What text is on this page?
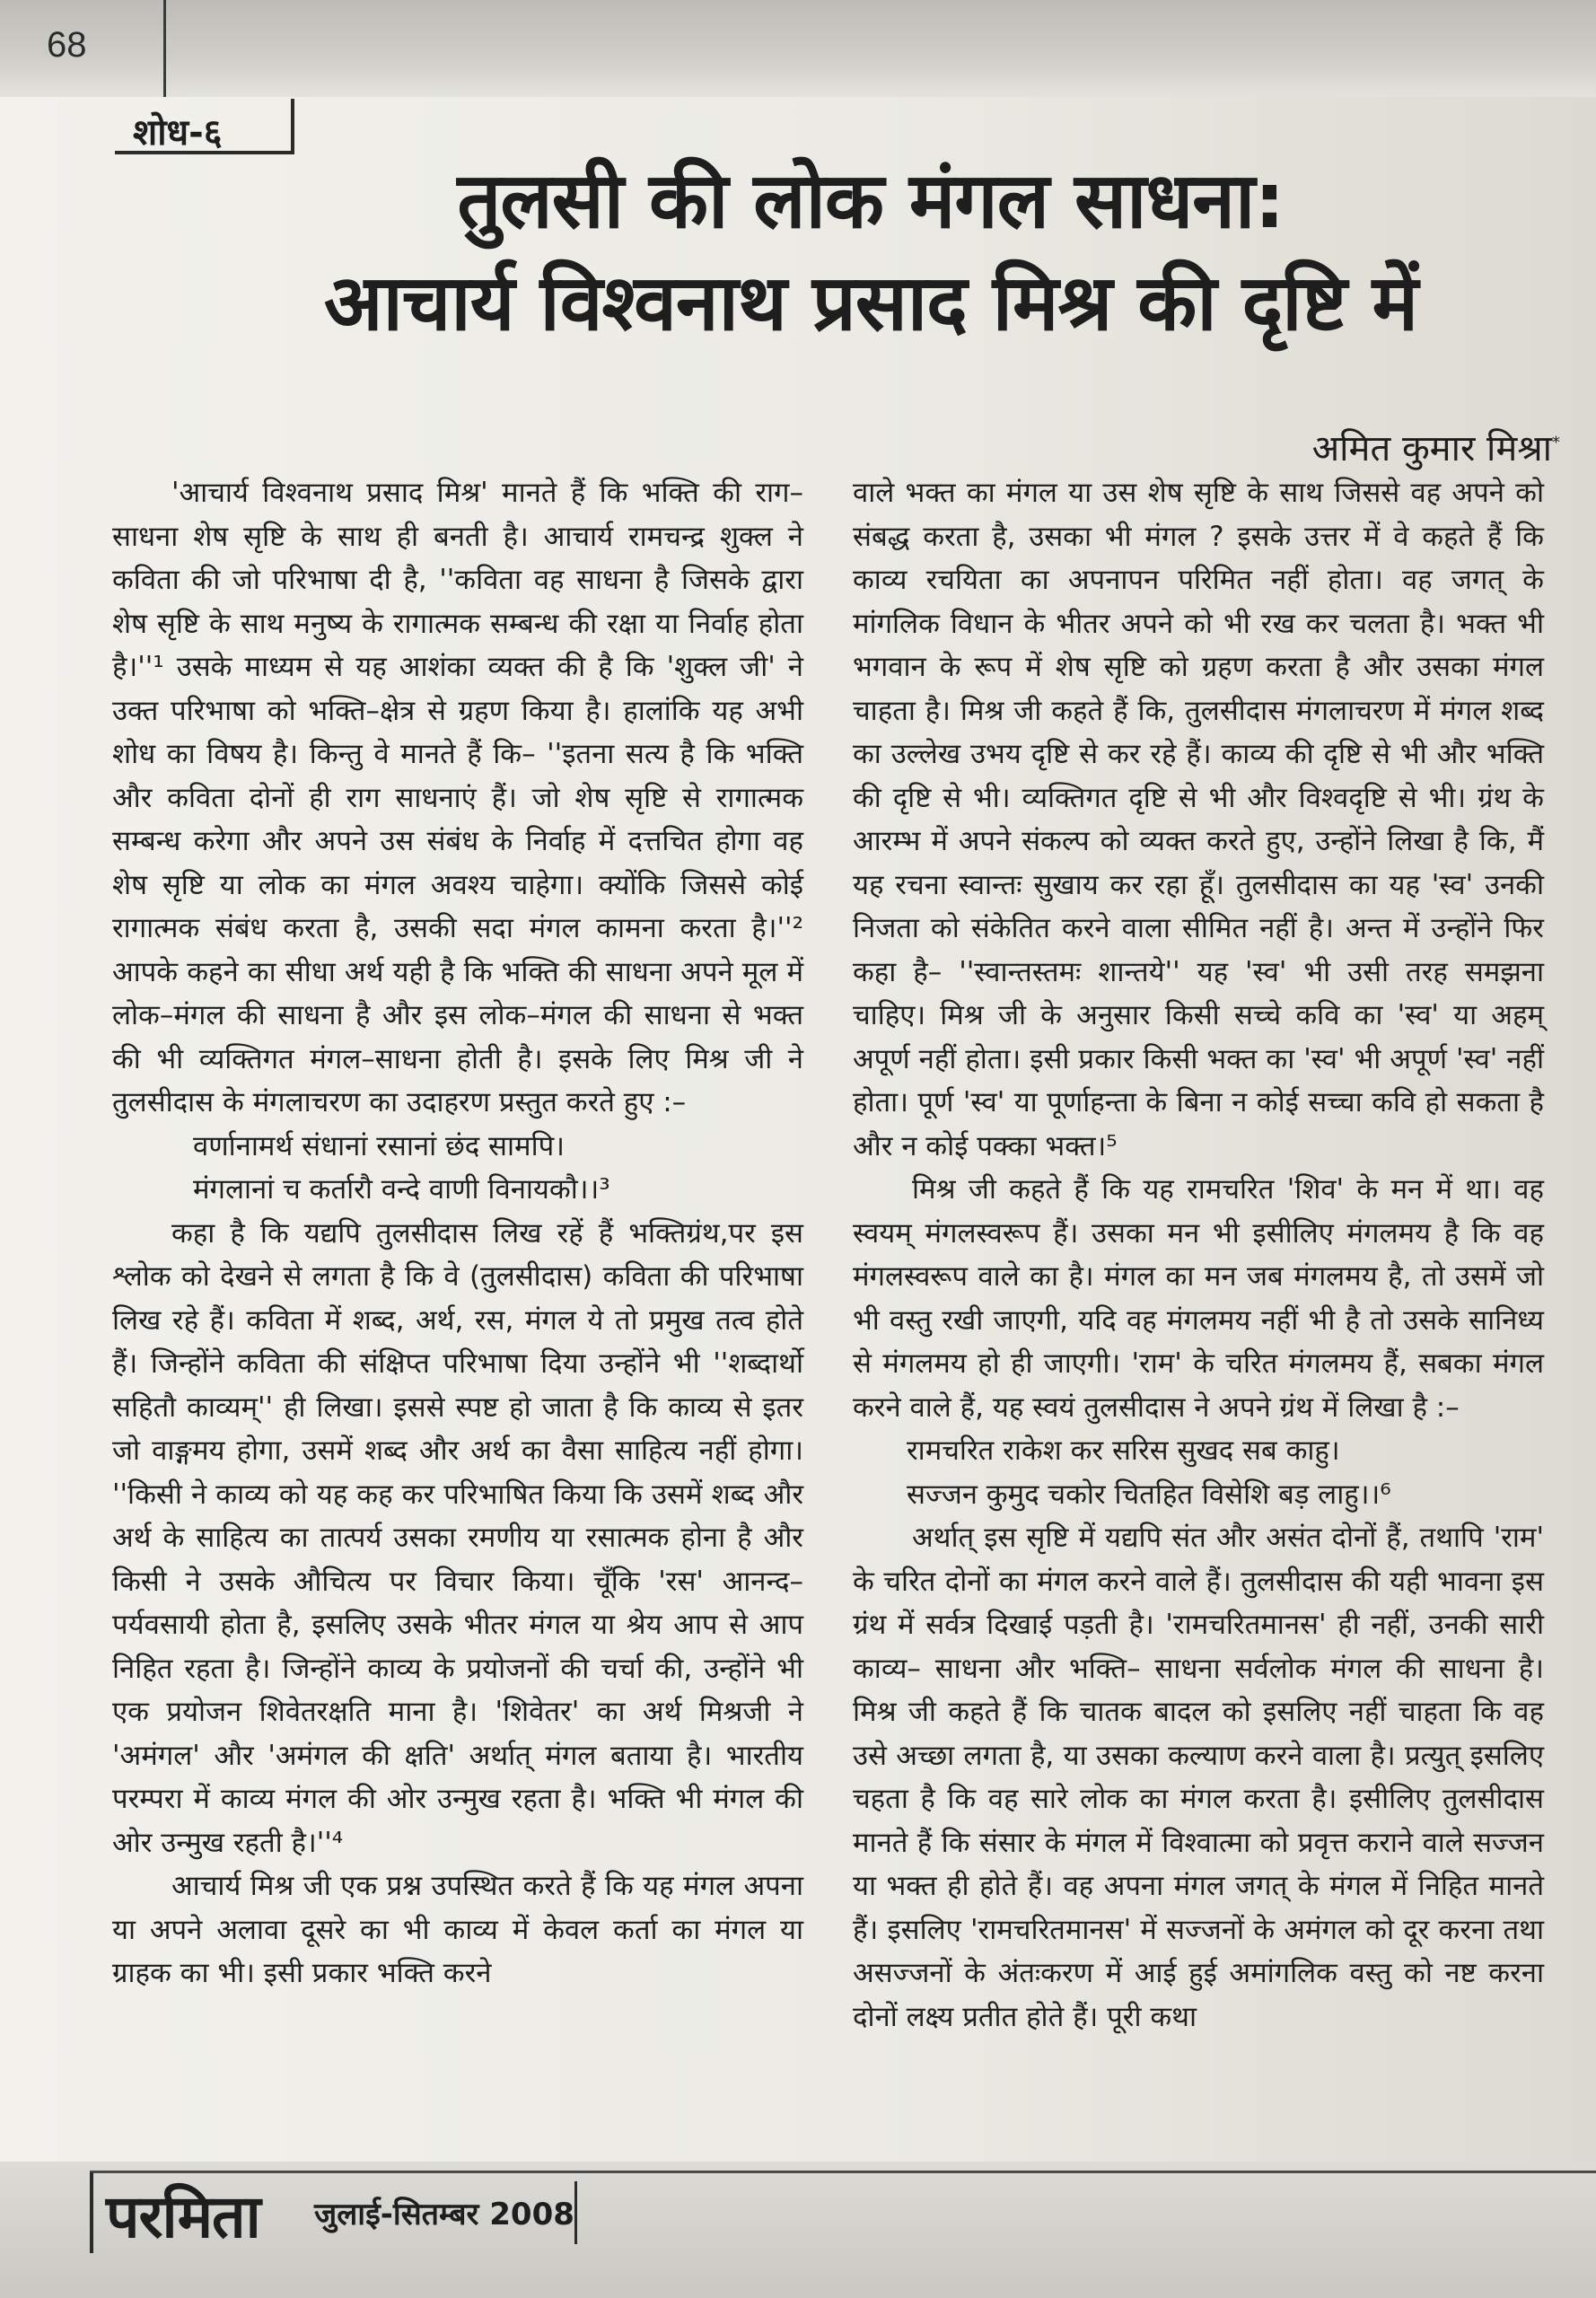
68
शोध-६
तुलसी की लोक मंगल साधना:
आचार्य विश्वनाथ प्रसाद मिश्र की दृष्टि में
अमित कुमार मिश्रा*

'आचार्य विश्वनाथ प्रसाद मिश्र' मानते हैं कि भक्ति की राग–साधना शेष सृष्टि के साथ ही बनती है। आचार्य रामचन्द्र शुक्ल ने कविता की जो परिभाषा दी है, ''कविता वह साधना है जिसके द्वारा शेष सृष्टि के साथ मनुष्य के रागात्मक सम्बन्ध की रक्षा या निर्वाह होता है।''¹ उसके माध्यम से यह आशंका व्यक्त की है कि 'शुक्ल जी' ने उक्त परिभाषा को भक्ति–क्षेत्र से ग्रहण किया है। हालांकि यह अभी शोध का विषय है। किन्तु वे मानते हैं कि– ''इतना सत्य है कि भक्ति और कविता दोनों ही राग साधनाएं हैं। जो शेष सृष्टि से रागात्मक सम्बन्ध करेगा और अपने उस संबंध के निर्वाह में दत्तचित होगा वह शेष सृष्टि या लोक का मंगल अवश्य चाहेगा। क्योंकि जिससे कोई रागात्मक संबंध करता है, उसकी सदा मंगल कामना करता है।''² आपके कहने का सीधा अर्थ यही है कि भक्ति की साधना अपने मूल में लोक–मंगल की साधना है और इस लोक–मंगल की साधना से भक्त की भी व्यक्तिगत मंगल–साधना होती है। इसके लिए मिश्र जी ने तुलसीदास के मंगलाचरण का उदाहरण प्रस्तुत करते हुए :–

वर्णानामर्थ संधानां रसानां छंद सामपि।

मंगलानां च कर्तारौ वन्दे वाणी विनायकौ।।³

कहा है कि यद्यपि तुलसीदास लिख रहें हैं भक्तिग्रंथ,पर इस श्लोक को देखने से लगता है कि वे (तुलसीदास) कविता की परिभाषा लिख रहे हैं। कविता में शब्द, अर्थ, रस, मंगल ये तो प्रमुख तत्व होते हैं। जिन्होंने कविता की संक्षिप्त परिभाषा दिया उन्होंने भी ''शब्दार्थो सहितौ काव्यम्'' ही लिखा। इससे स्पष्ट हो जाता है कि काव्य से इतर जो वाङ्गमय होगा, उसमें शब्द और अर्थ का वैसा साहित्य नहीं होगा। ''किसी ने काव्य को यह कह कर परिभाषित किया कि उसमें शब्द और अर्थ के साहित्य का तात्पर्य उसका रमणीय या रसात्मक होना है और किसी ने उसके औचित्य पर विचार किया। चूँकि 'रस' आनन्द–पर्यवसायी होता है, इसलिए उसके भीतर मंगल या श्रेय आप से आप निहित रहता है। जिन्होंने काव्य के प्रयोजनों की चर्चा की, उन्होंने भी एक प्रयोजन शिवेतरक्षति माना है। 'शिवेतर' का अर्थ मिश्रजी ने 'अमंगल' और 'अमंगल की क्षति' अर्थात् मंगल बताया है। भारतीय परम्परा में काव्य मंगल की ओर उन्मुख रहता है। भक्ति भी मंगल की ओर उन्मुख रहती है।''⁴

आचार्य मिश्र जी एक प्रश्न उपस्थित करते हैं कि यह मंगल अपना या अपने अलावा दूसरे का भी काव्य में केवल कर्ता का मंगल या ग्राहक का भी। इसी प्रकार भक्ति करने

वाले भक्त का मंगल या उस शेष सृष्टि के साथ जिससे वह अपने को संबद्ध करता है, उसका भी मंगल ? इसके उत्तर में वे कहते हैं कि काव्य रचयिता का अपनापन परिमित नहीं होता। वह जगत् के मांगलिक विधान के भीतर अपने को भी रख कर चलता है। भक्त भी भगवान के रूप में शेष सृष्टि को ग्रहण करता है और उसका मंगल चाहता है। मिश्र जी कहते हैं कि, तुलसीदास मंगलाचरण में मंगल शब्द का उल्लेख उभय दृष्टि से कर रहे हैं। काव्य की दृष्टि से भी और भक्ति की दृष्टि से भी। व्यक्तिगत दृष्टि से भी और विश्वदृष्टि से भी। ग्रंथ के आरम्भ में अपने संकल्प को व्यक्त करते हुए, उन्होंने लिखा है कि, मैं यह रचना स्वान्तः सुखाय कर रहा हूँ। तुलसीदास का यह 'स्व' उनकी निजता को संकेतित करने वाला सीमित नहीं है। अन्त में उन्होंने फिर कहा है– ''स्वान्तस्तमः शान्तये'' यह 'स्व' भी उसी तरह समझना चाहिए। मिश्र जी के अनुसार किसी सच्चे कवि का 'स्व' या अहम् अपूर्ण नहीं होता। इसी प्रकार किसी भक्त का 'स्व' भी अपूर्ण 'स्व' नहीं होता। पूर्ण 'स्व' या पूर्णाहन्ता के बिना न कोई सच्चा कवि हो सकता है और न कोई पक्का भक्त।⁵

मिश्र जी कहते हैं कि यह रामचरित 'शिव' के मन में था। वह स्वयम् मंगलस्वरूप हैं। उसका मन भी इसीलिए मंगलमय है कि वह मंगलस्वरूप वाले का है। मंगल का मन जब मंगलमय है, तो उसमें जो भी वस्तु रखी जाएगी, यदि वह मंगलमय नहीं भी है तो उसके सानिध्य से मंगलमय हो ही जाएगी। 'राम' के चरित मंगलमय हैं, सबका मंगल करने वाले हैं, यह स्वयं तुलसीदास ने अपने ग्रंथ में लिखा है :–

रामचरित राकेश कर सरिस सुखद सब काहु।

सज्जन कुमुद चकोर चितहित विसेशि बड़ लाहु।।⁶

अर्थात् इस सृष्टि में यद्यपि संत और असंत दोनों हैं, तथापि 'राम' के चरित दोनों का मंगल करने वाले हैं। तुलसीदास की यही भावना इस ग्रंथ में सर्वत्र दिखाई पड़ती है। 'रामचरितमानस' ही नहीं, उनकी सारी काव्य– साधना और भक्ति– साधना सर्वलोक मंगल की साधना है। मिश्र जी कहते हैं कि चातक बादल को इसलिए नहीं चाहता कि वह उसे अच्छा लगता है, या उसका कल्याण करने वाला है। प्रत्युत् इसलिए चहता है कि वह सारे लोक का मंगल करता है। इसीलिए तुलसीदास मानते हैं कि संसार के मंगल में विश्वात्मा को प्रवृत्त कराने वाले सज्जन या भक्त ही होते हैं। वह अपना मंगल जगत् के मंगल में निहित मानते हैं। इसलिए 'रामचरितमानस' में सज्जनों के अमंगल को दूर करना तथा असज्जनों के अंतःकरण में आई हुई अमांगलिक वस्तु को नष्ट करना दोनों लक्ष्य प्रतीत होते हैं। पूरी कथा

परमिता जुलाई-सितम्बर 2008
